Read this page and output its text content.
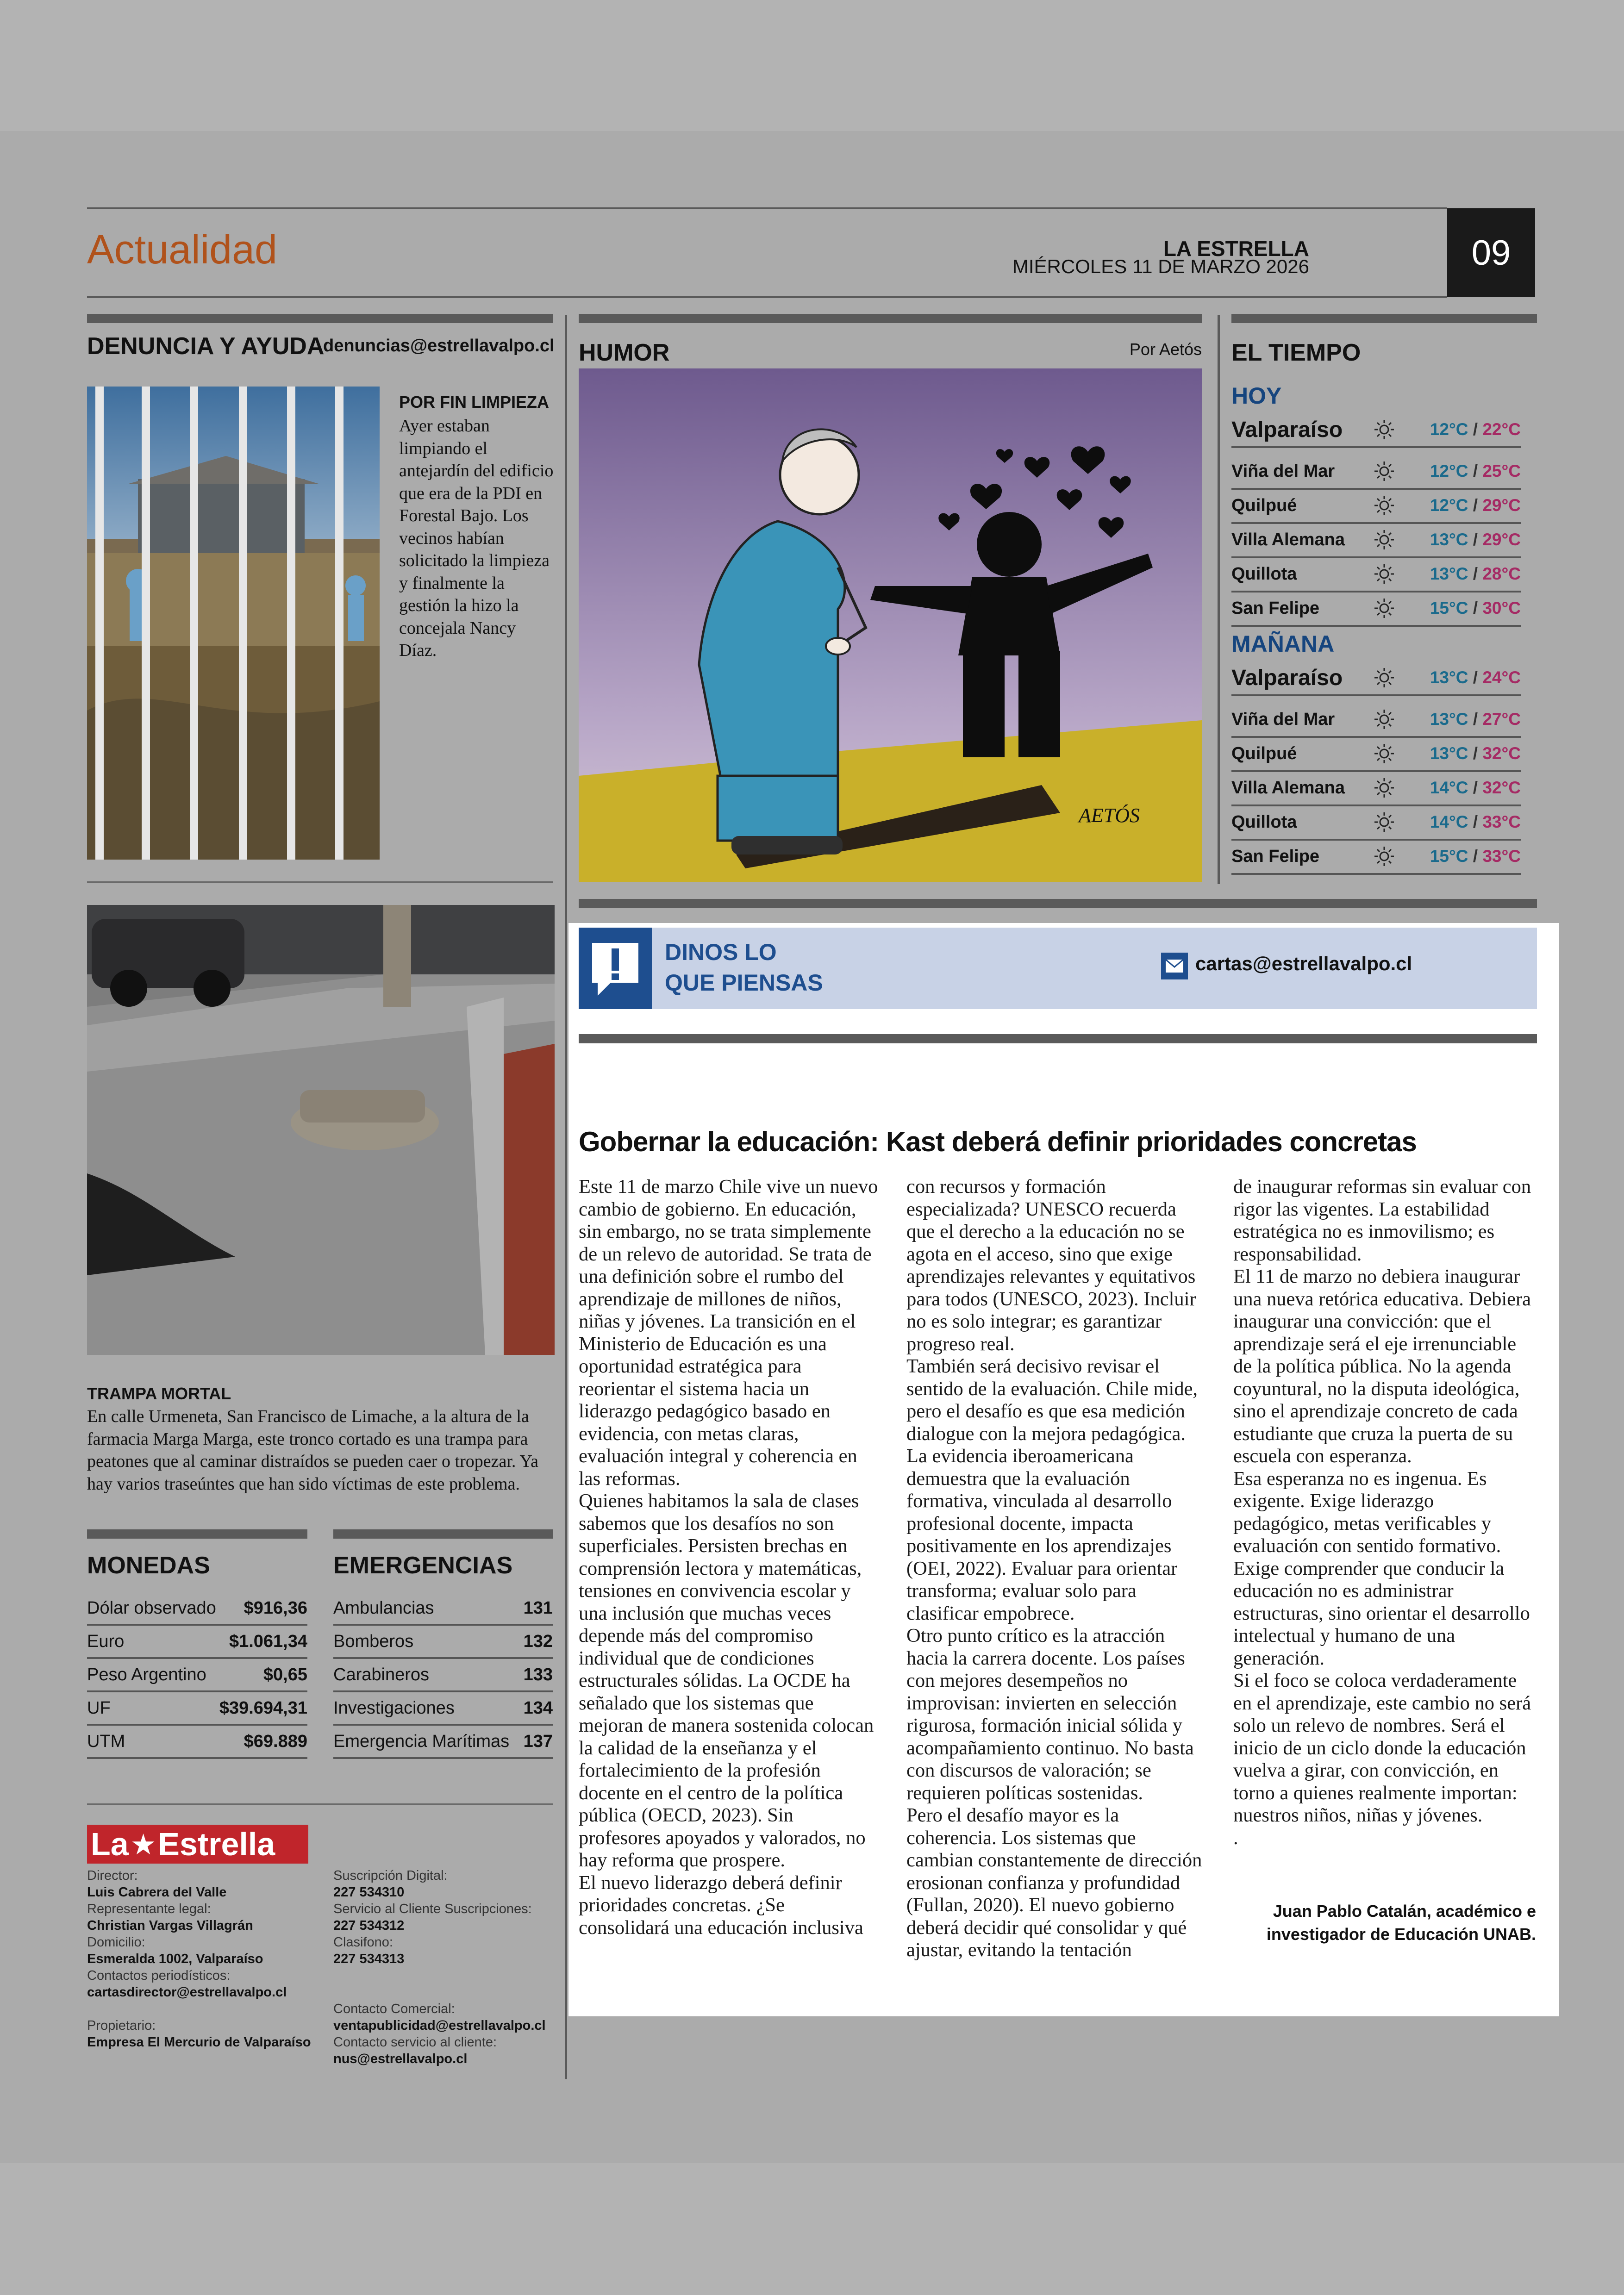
Actualidad	LA ESTRELLA
MIÉRCOLES 11 DE MARZO 2026	09
DENUNCIA Y AYUDA
denuncias@estrellavalpo.cl
POR FIN LIMPIEZA
Ayer estaban limpiando el antejardín del edificio que era de la PDI en Forestal Bajo. Los vecinos habían solicitado la limpieza y finalmente la gestión la hizo la concejala Nancy Díaz.
TRAMPA MORTAL
En calle Urmeneta, San Francisco de Limache, a la altura de la farmacia Marga Marga, este tronco cortado es una trampa para peatones que al caminar distraídos se pueden caer o tropezar. Ya hay varios traseúntes que han sido víctimas de este problema.
MONEDAS
Dólar observado $916,36
Euro	$1.061,34
Peso Argentino	$0,65
UF	$39.694,31
UTM	$69.889
EMERGENCIAS
Ambulancias	131
Bomberos	132
Carabineros	133
Investigaciones	134
Emergencia Marítimas 137
La ★ Estrella
Director:
Luis Cabrera del Valle
Representante legal:
Christian Vargas Villagrán
Domicilio:
Esmeralda 1002, Valparaíso
Contactos periodísticos:
cartasdirector@estrellavalpo.cl
Propietario:
Empresa El Mercurio de Valparaíso
Suscripción Digital:
227 534310
Servicio al Cliente Suscripciones:
227 534312
Clasifono:
227 534313
Contacto Comercial:
ventapublicidad@estrellavalpo.cl
Contacto servicio al cliente:
nus@estrellavalpo.cl
HUMOR	Por Aetós
AETÓS
EL TIEMPO
HOY
Valparaíso	12°C / 22°C
Viña del Mar	12°C / 25°C
Quilpué	12°C / 29°C
Villa Alemana	13°C / 29°C
Quillota	13°C / 28°C
San Felipe	15°C / 30°C
MAÑANA
Valparaíso	13°C / 24°C
Viña del Mar	13°C / 27°C
Quilpué	13°C / 32°C
Villa Alemana	14°C / 32°C
Quillota	14°C / 33°C
San Felipe	15°C / 33°C
DINOS LO
QUE PIENSAS
cartas@estrellavalpo.cl
Gobernar la educación: Kast deberá definir prioridades concretas

Este 11 de marzo Chile vive un nuevo cambio de gobierno. En educación, sin embargo, no se trata simplemente de un relevo de autoridad. Se trata de una definición sobre el rumbo del aprendizaje de millones de niños, niñas y jóvenes. La transición en el Ministerio de Educación es una oportunidad estratégica para reorientar el sistema hacia un liderazgo pedagógico basado en evidencia, con metas claras, evaluación integral y coherencia en las reformas.

Quienes habitamos la sala de clases sabemos que los desafíos no son superficiales. Persisten brechas en comprensión lectora y matemáticas, tensiones en convivencia escolar y una inclusión que muchas veces depende más del compromiso individual que de condiciones estructurales sólidas. La OCDE ha señalado que los sistemas que mejoran de manera sostenida colocan la calidad de la enseñanza y el fortalecimiento de la profesión docente en el centro de la política pública (OECD, 2023). Sin profesores apoyados y valorados, no hay reforma que prospere.

El nuevo liderazgo deberá definir prioridades concretas. ¿Se consolidará una educación inclusiva

con recursos y formación especializada? UNESCO recuerda que el derecho a la educación no se agota en el acceso, sino que exige aprendizajes relevantes y equitativos para todos (UNESCO, 2023). Incluir no es solo integrar; es garantizar progreso real.

También será decisivo revisar el sentido de la evaluación. Chile mide, pero el desafío es que esa medición dialogue con la mejora pedagógica. La evidencia iberoamericana demuestra que la evaluación formativa, vinculada al desarrollo profesional docente, impacta positivamente en los aprendizajes (OEI, 2022). Evaluar para orientar transforma; evaluar solo para clasificar empobrece.

Otro punto crítico es la atracción hacia la carrera docente. Los países con mejores desempeños no improvisan: invierten en selección rigurosa, formación inicial sólida y acompañamiento continuo. No basta con discursos de valoración; se requieren políticas sostenidas.

Pero el desafío mayor es la coherencia. Los sistemas que cambian constantemente de dirección erosionan confianza y profundidad (Fullan, 2020). El nuevo gobierno deberá decidir qué consolidar y qué ajustar, evitando la tentación

de inaugurar reformas sin evaluar con rigor las vigentes. La estabilidad estratégica no es inmovilismo; es responsabilidad.

El 11 de marzo no debiera inaugurar una nueva retórica educativa. Debiera inaugurar una convicción: que el aprendizaje será el eje irrenunciable de la política pública. No la agenda coyuntural, no la disputa ideológica, sino el aprendizaje concreto de cada estudiante que cruza la puerta de su escuela con esperanza.

Esa esperanza no es ingenua. Es exigente. Exige liderazgo pedagógico, metas verificables y evaluación con sentido formativo. Exige comprender que conducir la educación no es administrar estructuras, sino orientar el desarrollo intelectual y humano de una generación.

Si el foco se coloca verdaderamente en el aprendizaje, este cambio no será solo un relevo de nombres. Será el inicio de un ciclo donde la educación vuelva a girar, con convicción, en torno a quienes realmente importan: nuestros niños, niñas y jóvenes.

.

Juan Pablo Catalán, académico e
investigador de Educación UNAB.
